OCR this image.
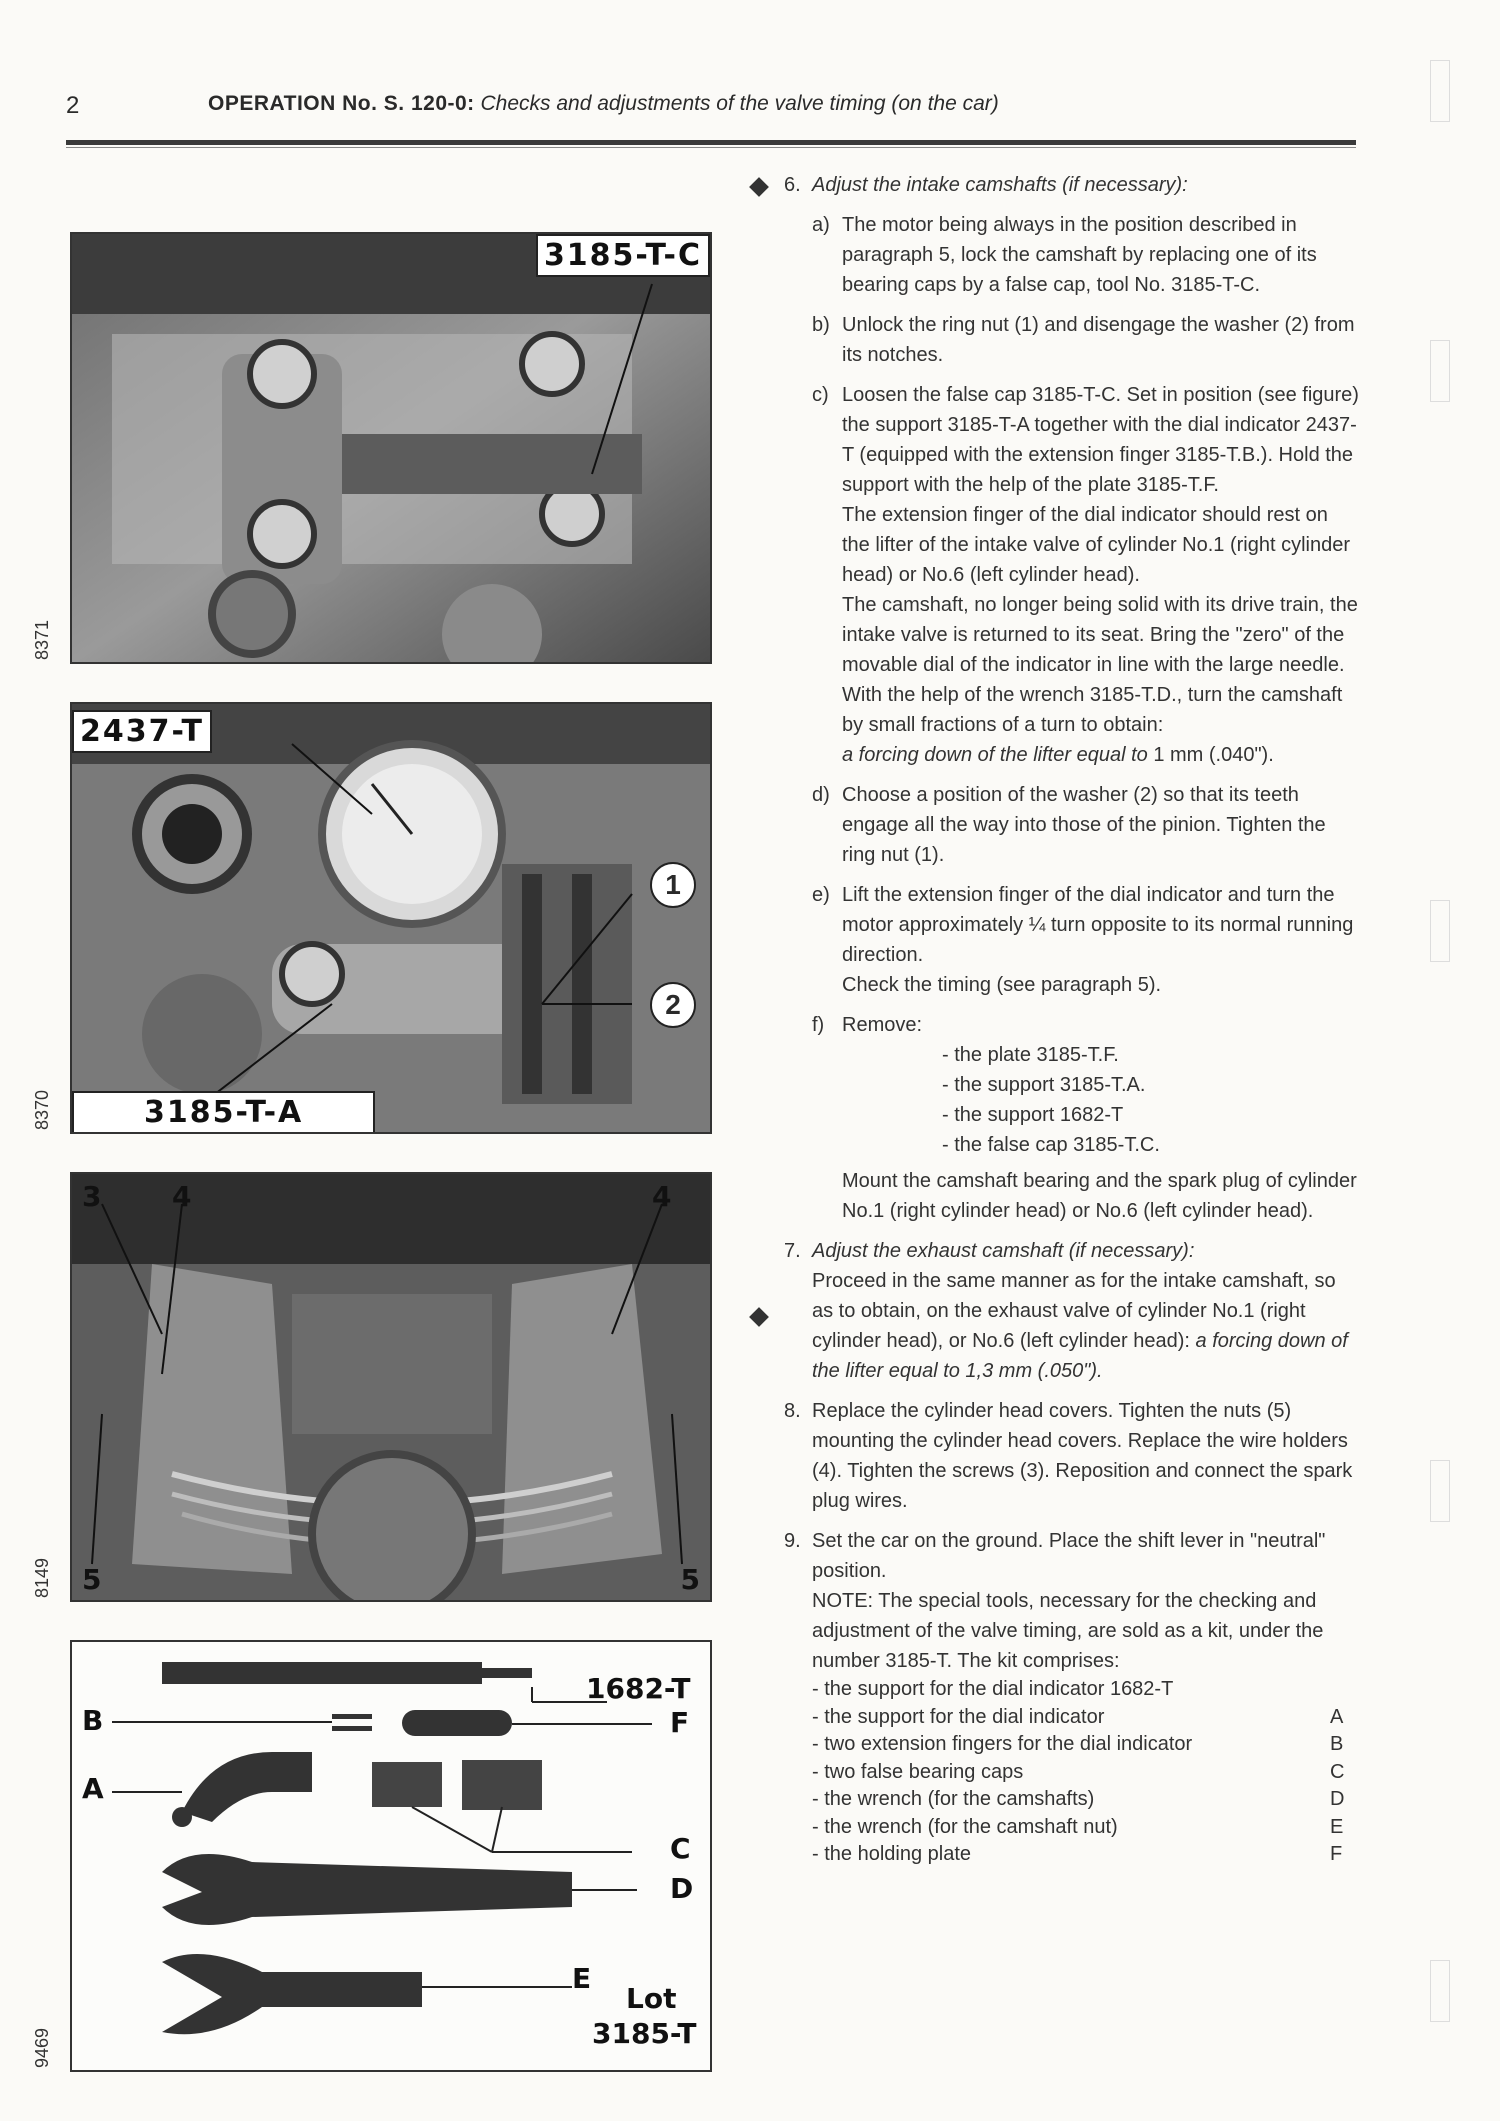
2	OPERATION No. S. 120-0: Checks and adjustments of the valve timing (on the car)
3185-T-C
8371
2437-T
3185-T-A
1
2
8370
3	4	4
5	5
8149
1682-T
B
A
F
C
D
E
Lot
3185-T
9469
6. Adjust the intake camshafts (if necessary):
a) The motor being always in the position described in paragraph 5, lock the camshaft by replacing one of its bearing caps by a false cap, tool No. 3185-T-C.

b) Unlock the ring nut (1) and disengage the washer (2) from its notches.

c) Loosen the false cap 3185-T-C. Set in position (see figure) the support 3185-T-A together with the dial indicator 2437-T (equipped with the extension finger 3185-T.B.). Hold the support with the help of the plate 3185-T.F.

The extension finger of the dial indicator should rest on the lifter of the intake valve of cylinder No.1 (right cylinder head) or No.6 (left cylinder head).

The camshaft, no longer being solid with its drive train, the intake valve is returned to its seat. Bring the "zero" of the movable dial of the indicator in line with the large needle.

With the help of the wrench 3185-T.D., turn the camshaft by small fractions of a turn to obtain:

a forcing down of the lifter equal to 1 mm (.040").

d) Choose a position of the washer (2) so that its teeth engage all the way into those of the pinion. Tighten the ring nut (1).

e) Lift the extension finger of the dial indicator and turn the motor approximately ¼ turn opposite to its normal running direction.

Check the timing (see paragraph 5).

f) Remove:

- the plate 3185-T.F.

- the support 3185-T.A.

- the support 1682-T

- the false cap 3185-T.C.

Mount the camshaft bearing and the spark plug of cylinder No.1 (right cylinder head) or No.6 (left cylinder head).

7. Adjust the exhaust camshaft (if necessary):

Proceed in the same manner as for the intake camshaft, so as to obtain, on the exhaust valve of cylinder No.1 (right cylinder head), or No.6 (left cylinder head): a forcing down of the lifter equal to 1,3 mm (.050").
8. Replace the cylinder head covers. Tighten the nuts (5) mounting the cylinder head covers. Replace the wire holders (4). Tighten the screws (3). Reposition and connect the spark plug wires.
9. Set the car on the ground. Place the shift lever in "neutral" position.
NOTE: The special tools, necessary for the checking and adjustment of the valve timing, are sold as a kit, under the number 3185-T. The kit comprises:
- the support for the dial indicator 1682-T
- the support for the dial indicator	A
- two extension fingers for the dial indicator	B
- two false bearing caps	C
- the wrench (for the camshafts)	D
- the wrench (for the camshaft nut)	E
- the holding plate	F
